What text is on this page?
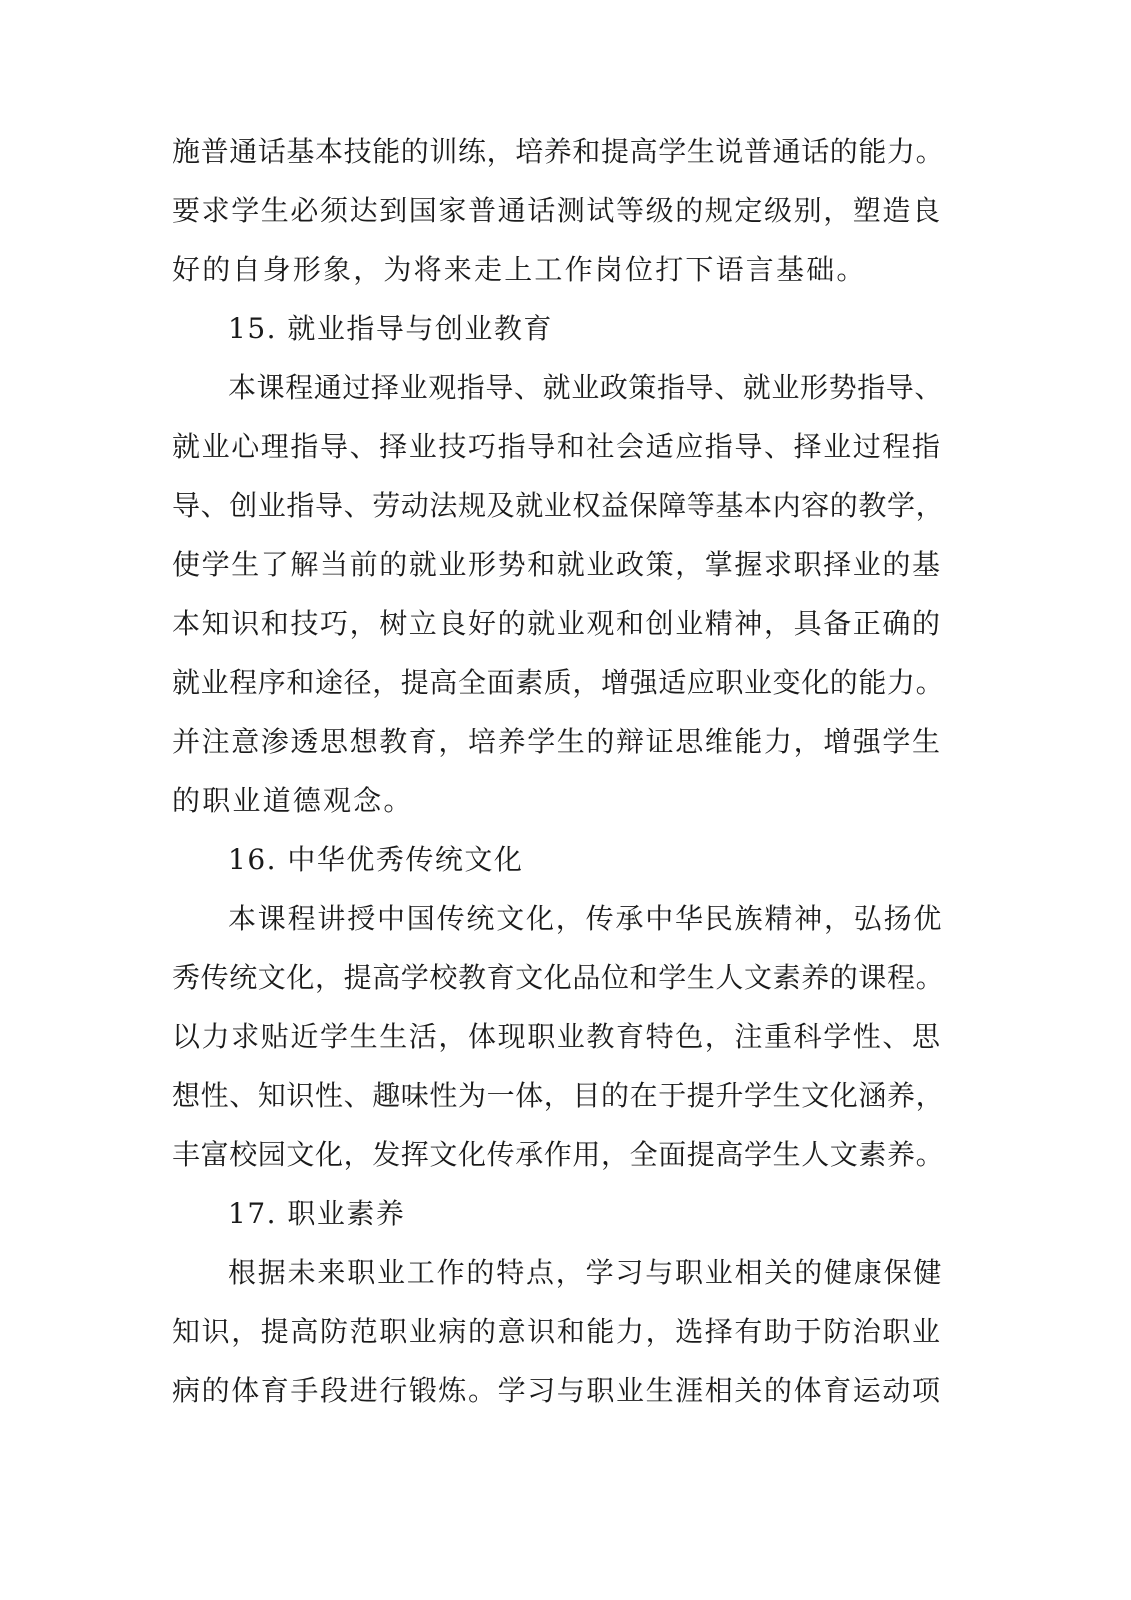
施普通话基本技能的训练，培养和提高学生说普通话的能力。
要求学生必须达到国家普通话测试等级的规定级别，塑造良
好的自身形象，为将来走上工作岗位打下语言基础。
15. 就业指导与创业教育
本课程通过择业观指导、就业政策指导、就业形势指导、
就业心理指导、择业技巧指导和社会适应指导、择业过程指
导、创业指导、劳动法规及就业权益保障等基本内容的教学，
使学生了解当前的就业形势和就业政策，掌握求职择业的基
本知识和技巧，树立良好的就业观和创业精神，具备正确的
就业程序和途径，提高全面素质，增强适应职业变化的能力。
并注意渗透思想教育，培养学生的辩证思维能力，增强学生
的职业道德观念。
16. 中华优秀传统文化
本课程讲授中国传统文化，传承中华民族精神，弘扬优
秀传统文化，提高学校教育文化品位和学生人文素养的课程。
以力求贴近学生生活，体现职业教育特色，注重科学性、思
想性、知识性、趣味性为一体，目的在于提升学生文化涵养，
丰富校园文化，发挥文化传承作用，全面提高学生人文素养。
17. 职业素养
根据未来职业工作的特点，学习与职业相关的健康保健
知识，提高防范职业病的意识和能力，选择有助于防治职业
病的体育手段进行锻炼。学习与职业生涯相关的体育运动项
